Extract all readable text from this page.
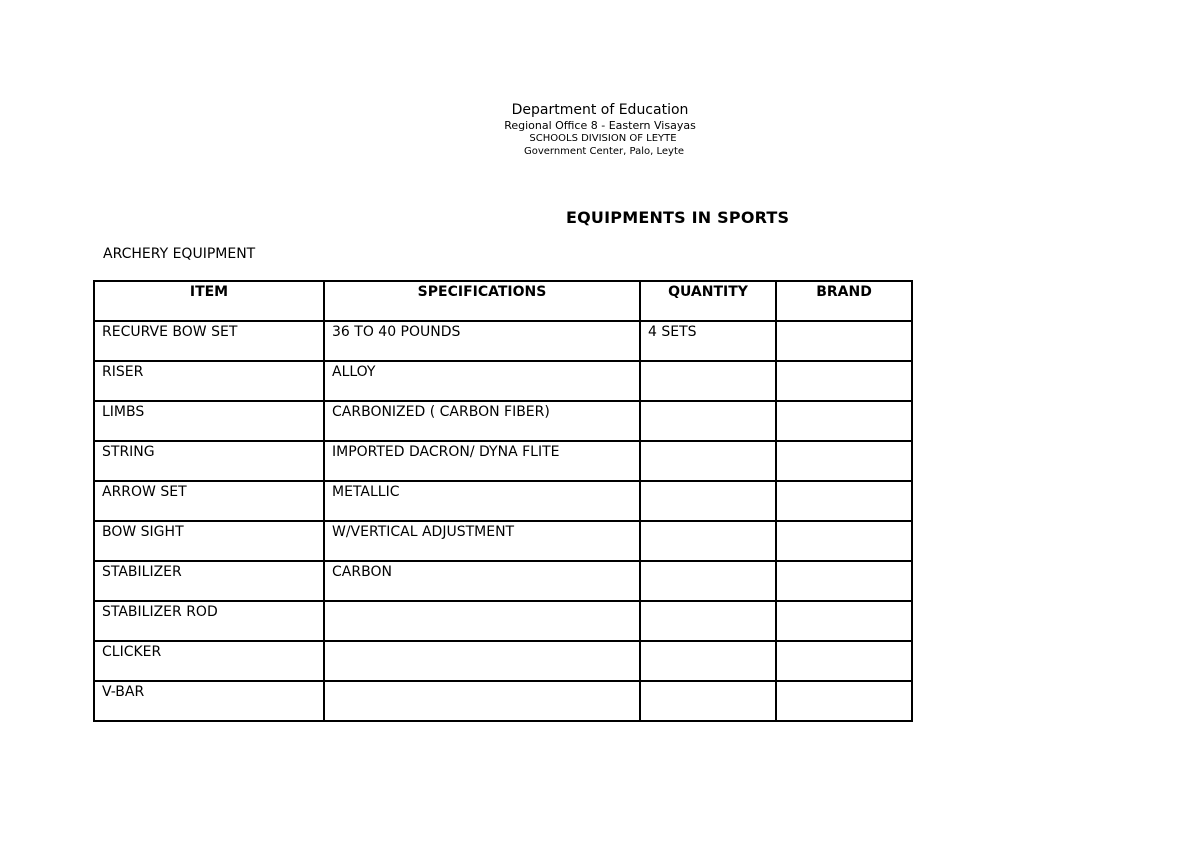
Department of Education
Regional Office 8 - Eastern Visayas
SCHOOLS DIVISION OF LEYTE
Government Center, Palo, Leyte
EQUIPMENTS IN SPORTS
ARCHERY EQUIPMENT
ITEM	SPECIFICATIONS	QUANTITY	BRAND
RECURVE BOW SET	36 TO 40 POUNDS	4 SETS	
RISER	ALLOY		
LIMBS	CARBONIZED ( CARBON FIBER)		
STRING	IMPORTED DACRON/ DYNA FLITE		
ARROW SET	METALLIC		
BOW SIGHT	W/VERTICAL ADJUSTMENT		
STABILIZER	CARBON		
STABILIZER ROD			
CLICKER			
V-BAR			
